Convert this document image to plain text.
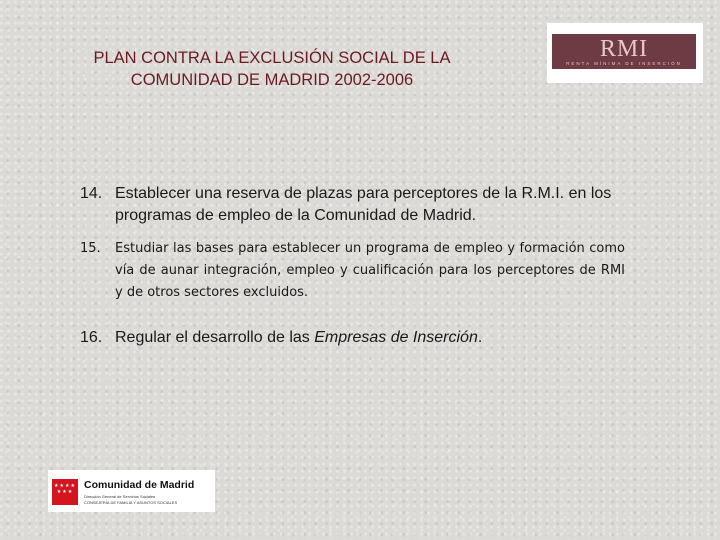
PLAN CONTRA LA EXCLUSIÓN SOCIAL DE LA
COMUNIDAD DE MADRID 2002-2006
RMI
RENTA MÍNIMA DE INSERCIÓN
14. Establecer una reserva de plazas para perceptores de la R.M.I. en los programas de empleo de la Comunidad de Madrid.
15. Estudiar las bases para establecer un programa de empleo y formación como vía de aunar integración, empleo y cualificación para los perceptores de RMI y de otros sectores excluidos.
16. Regular el desarrollo de las Empresas de Inserción.
★★★★
★★★
Comunidad de Madrid
Dirección General de Servicios Sociales
CONSEJERÍA DE FAMILIA Y ASUNTOS SOCIALES
